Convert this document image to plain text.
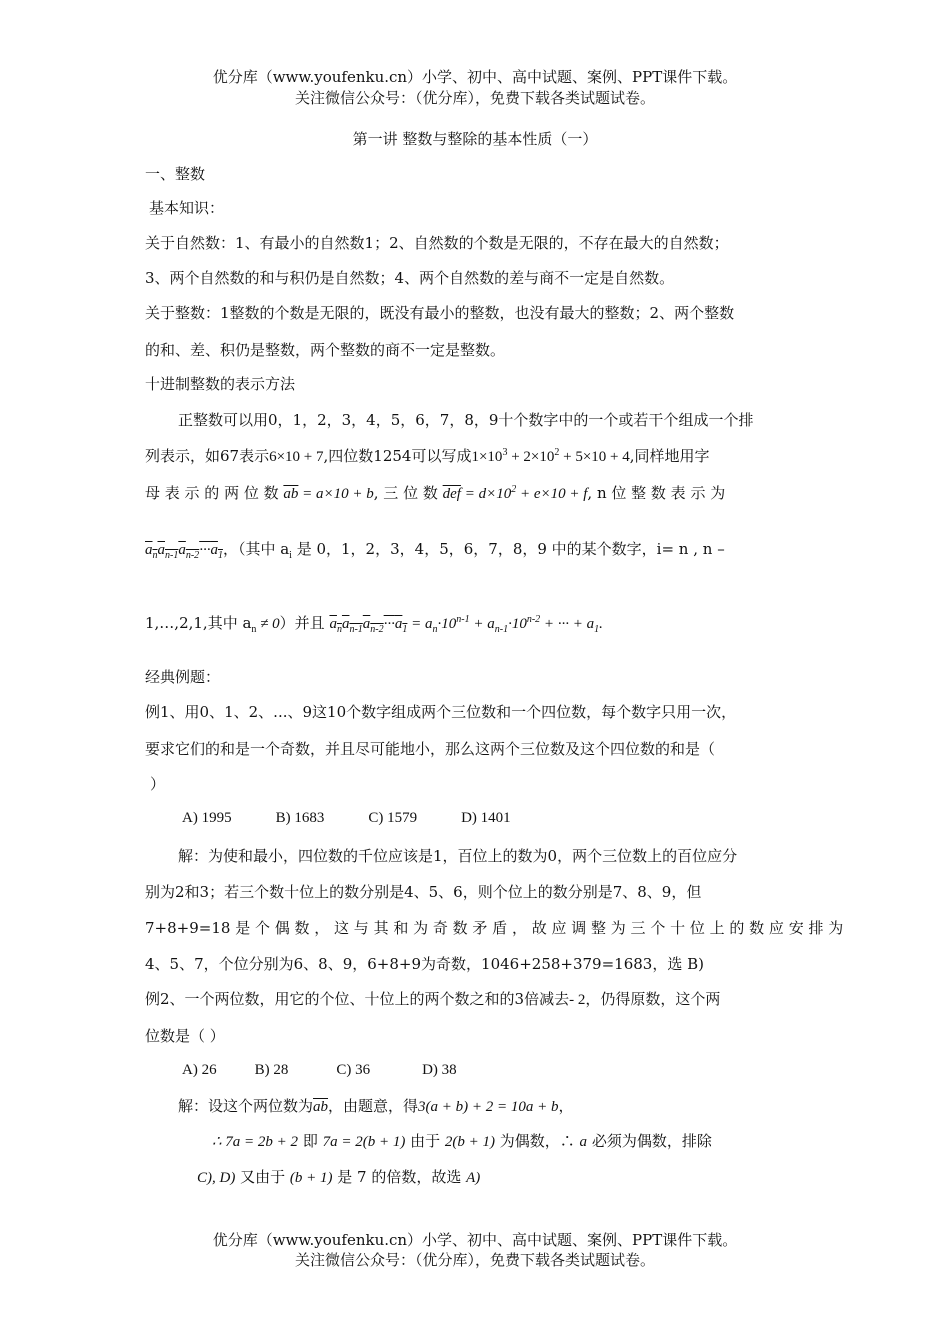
优分库（www.youfenku.cn）小学、初中、高中试题、案例、PPT课件下载。
关注微信公众号：（优分库），免费下载各类试题试卷。
第一讲 整数与整除的基本性质（一）
一、整数
基本知识：
关于自然数：1、有最小的自然数1；2、自然数的个数是无限的，不存在最大的自然数；
3、两个自然数的和与积仍是自然数；4、两个自然数的差与商不一定是自然数。
关于整数：1整数的个数是无限的，既没有最小的整数，也没有最大的整数；2、两个整数
的和、差、积仍是整数，两个整数的商不一定是整数。
十进制整数的表示方法
正整数可以用0，1，2，3，4，5，6，7，8，9十个数字中的一个或若干个组成一个排
列表示，如67表示6×10 + 7,四位数1254可以写成$1\times 10^3 + 2\times 10^2 + 5\times 10 + 4$,同样地用字
母 表 示 的 两 位 数 $\overline{ab} = a\times 10 + b$, 三 位 数 $\overline{def} = d\times 10^2 + e\times 10 + f$, n 位 整 数 表 示 为
$a_na_{n-1}a_{n-2}\cdot\cdot\cdot a_1$，（其中 $a_i$ 是 0，1，2，3，4，5，6，7，8，9 中的某个数字，i= n , n –
1,…,2,1,其中 $a_n \ne 0$）并且 $a_na_{n-1}a_{n-2}\cdot\cdot\cdot a_1 = a_n\cdot 10^{n-1} + a_{n-1}\cdot 10^{n-2}$ + ··· + $a_1$.
经典例题：
例1、用0、1、2、...、9这10个数字组成两个三位数和一个四位数，每个数字只用一次，
要求它们的和是一个奇数，并且尽可能地小，那么这两个三位数及这个四位数的和是（
）
A) 1995	B) 1683	C) 1579	D) 1401
解：为使和最小，四位数的千位应该是1，百位上的数为0，两个三位数上的百位应分
别为2和3；若三个数十位上的数分别是4、5、6，则个位上的数分别是7、8、9，但
7+8+9=18 是 个 偶 数 ， 这 与 其 和 为 奇 数 矛 盾 ， 故 应 调 整 为 三 个 十 位 上 的 数 应 安 排 为
4、5、7，个位分别为6、8、9，6+8+9为奇数，1046+258+379=1683，选 B)
例2、一个两位数，用它的个位、十位上的两个数之和的3倍减去- 2，仍得原数，这个两
位数是（ ）
A) 26	B) 28	C) 36	D) 38
解：设这个两位数为$\overline{ab}$，由题意，得3(a + b) + 2 = 10a + b，
∴ 7a = 2b + 2 即 7a = 2(b + 1) 由于 2(b + 1) 为偶数，∴ a 必须为偶数，排除
C), D) 又由于 (b + 1) 是 7 的倍数，故选 A)
优分库（www.youfenku.cn）小学、初中、高中试题、案例、PPT课件下载。
关注微信公众号：（优分库），免费下载各类试题试卷。
